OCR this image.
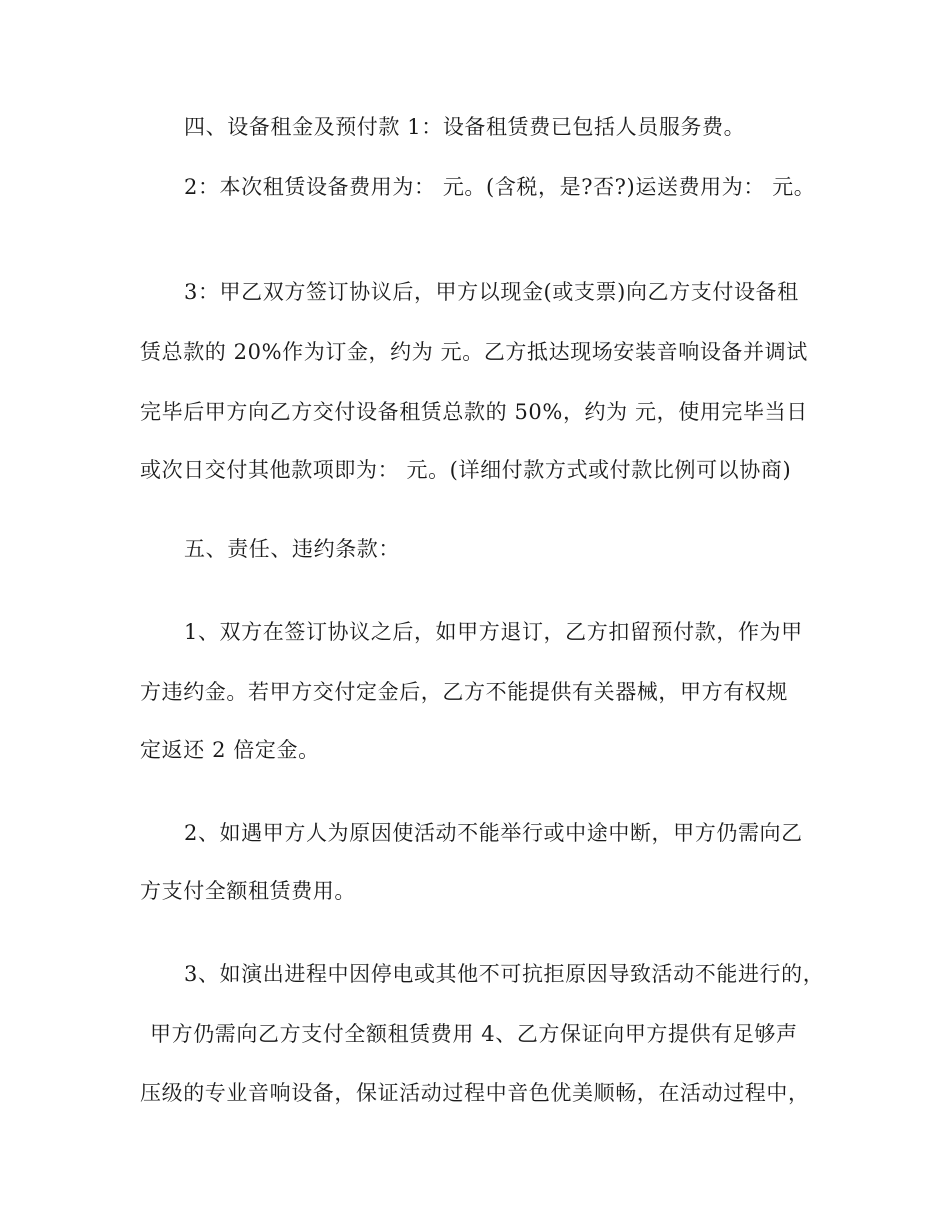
四、设备租金及预付款 1：设备租赁费已包括人员服务费。
2：本次租赁设备费用为： 元。(含税，是?否?)运送费用为： 元。
3：甲乙双方签订协议后，甲方以现金(或支票)向乙方支付设备租
赁总款的 20%作为订金，约为 元。乙方抵达现场安装音响设备并调试
完毕后甲方向乙方交付设备租赁总款的 50%，约为 元，使用完毕当日
或次日交付其他款项即为： 元。(详细付款方式或付款比例可以协商)
五、责任、违约条款：
1、双方在签订协议之后，如甲方退订，乙方扣留预付款，作为甲
方违约金。若甲方交付定金后，乙方不能提供有关器械，甲方有权规
定返还 2 倍定金。
2、如遇甲方人为原因使活动不能举行或中途中断，甲方仍需向乙
方支付全额租赁费用。
3、如演出进程中因停电或其他不可抗拒原因导致活动不能进行的，
甲方仍需向乙方支付全额租赁费用 4、乙方保证向甲方提供有足够声
压级的专业音响设备，保证活动过程中音色优美顺畅，在活动过程中，
